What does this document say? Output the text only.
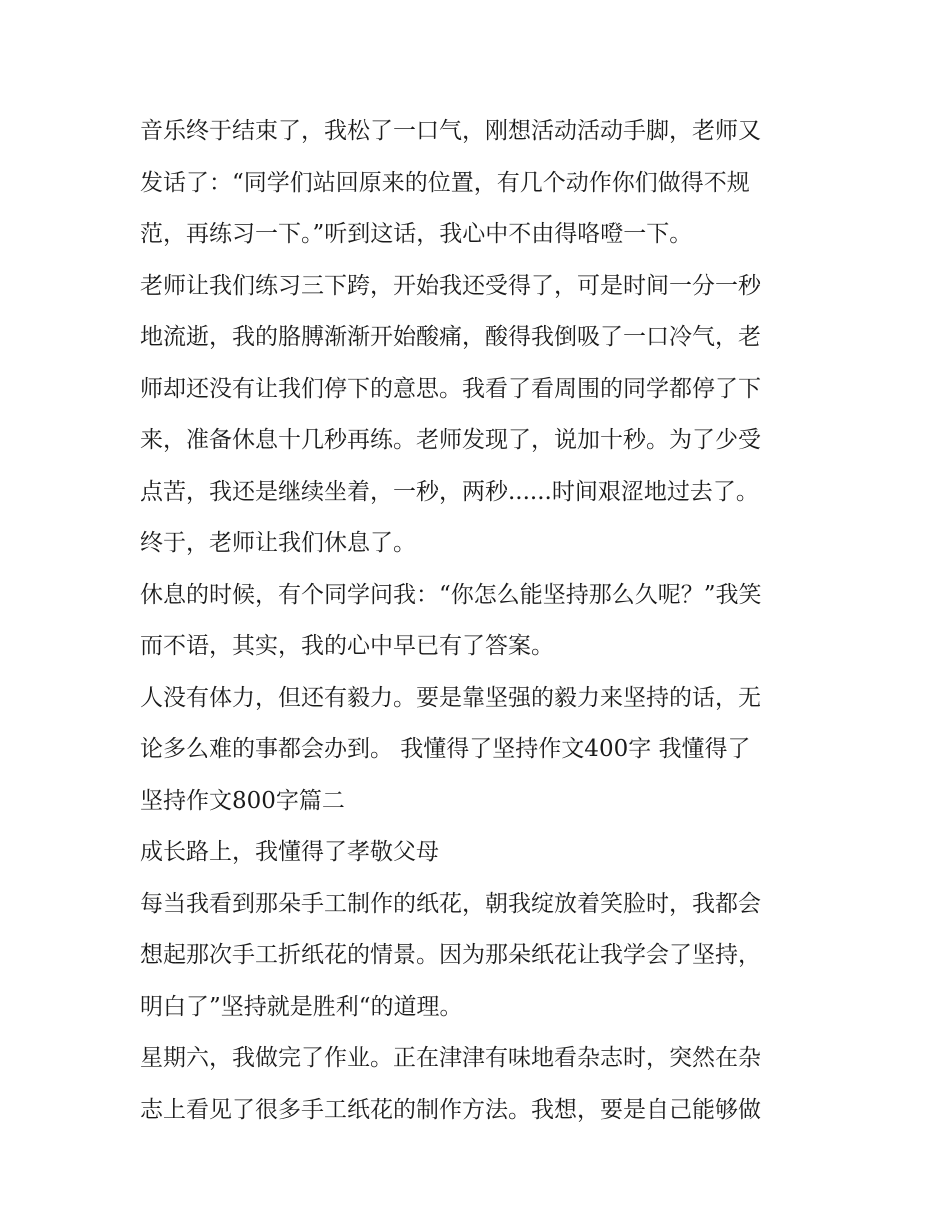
音乐终于结束了，我松了一口气，刚想活动活动手脚，老师又
发话了：“同学们站回原来的位置，有几个动作你们做得不规
范，再练习一下。”听到这话，我心中不由得咯噔一下。

老师让我们练习三下跨，开始我还受得了，可是时间一分一秒
地流逝，我的胳膊渐渐开始酸痛，酸得我倒吸了一口冷气，老
师却还没有让我们停下的意思。我看了看周围的同学都停了下
来，准备休息十几秒再练。老师发现了，说加十秒。为了少受
点苦，我还是继续坐着，一秒，两秒......时间艰涩地过去了。
终于，老师让我们休息了。

休息的时候，有个同学问我：“你怎么能坚持那么久呢？”我笑
而不语，其实，我的心中早已有了答案。

人没有体力，但还有毅力。要是靠坚强的毅力来坚持的话，无
论多么难的事都会办到。 我懂得了坚持作文400字 我懂得了
坚持作文800字篇二

成长路上，我懂得了孝敬父母

每当我看到那朵手工制作的纸花，朝我绽放着笑脸时，我都会
想起那次手工折纸花的情景。因为那朵纸花让我学会了坚持，
明白了”坚持就是胜利“的道理。

星期六，我做完了作业。正在津津有味地看杂志时，突然在杂
志上看见了很多手工纸花的制作方法。我想，要是自己能够做
